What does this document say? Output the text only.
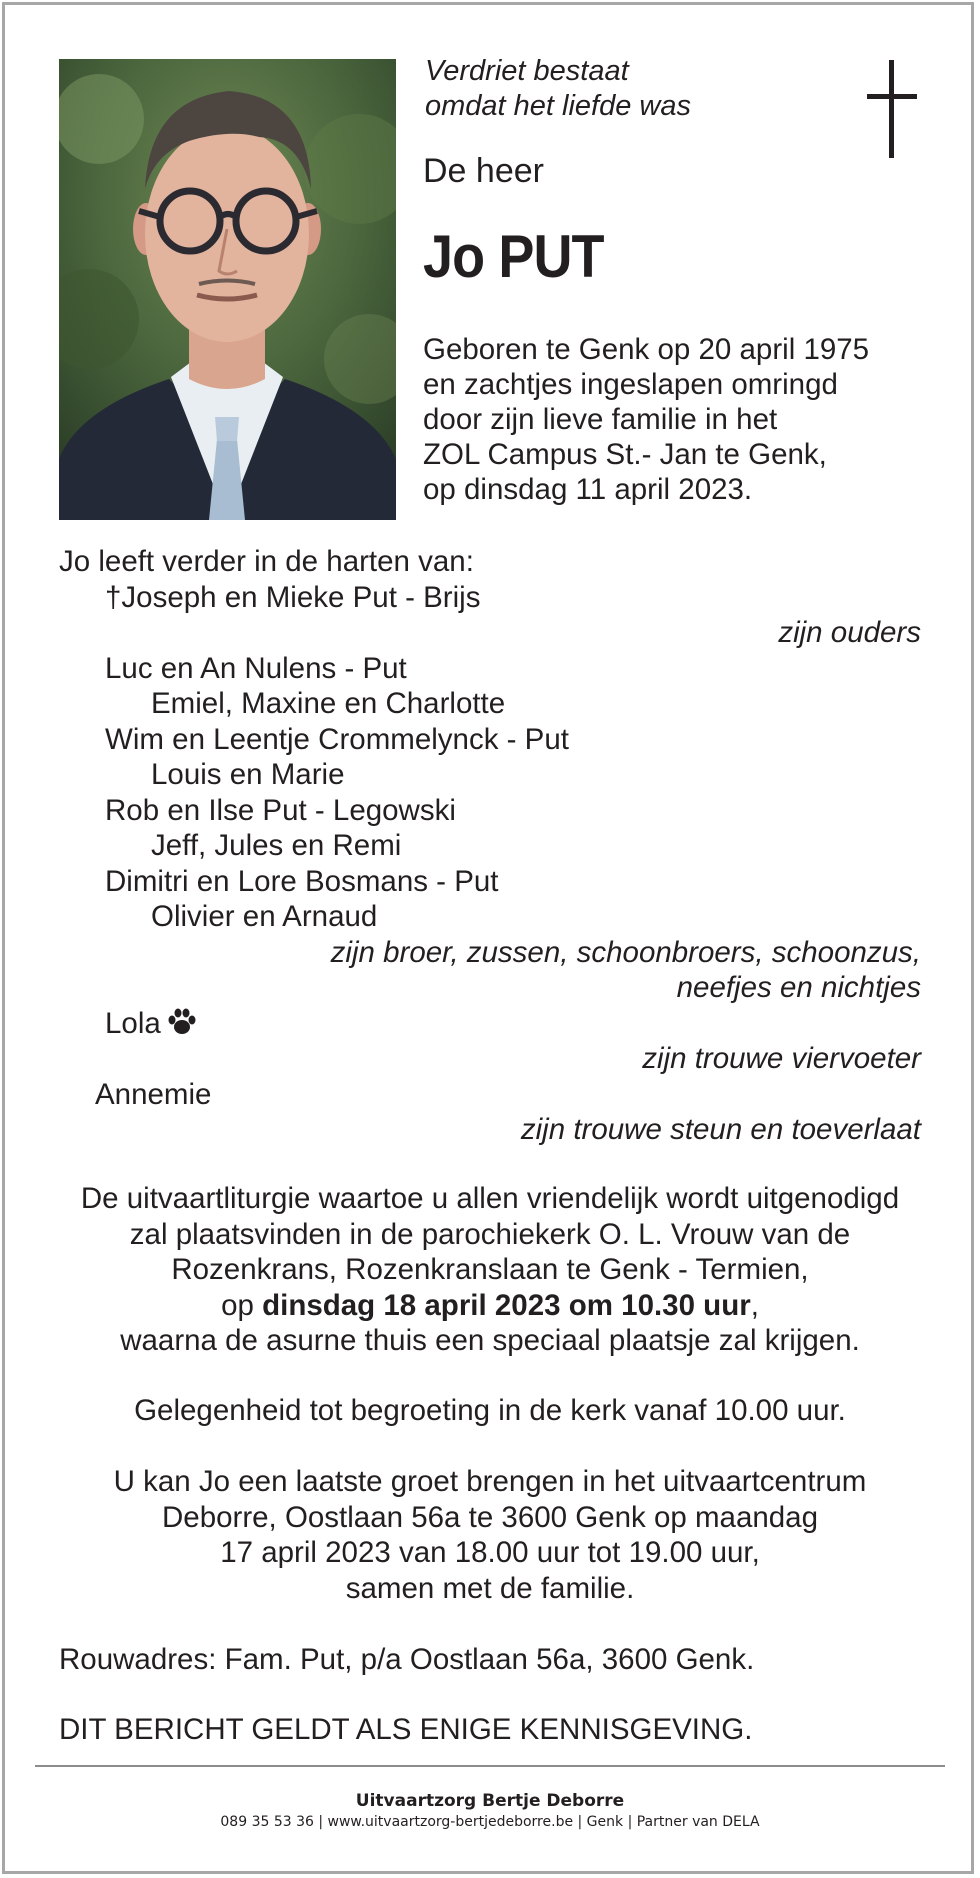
Verdriet bestaat
omdat het liefde was
De heer
Jo PUT
Geboren te Genk op 20 april 1975
en zachtjes ingeslapen omringd
door zijn lieve familie in het
ZOL Campus St.- Jan te Genk,
op dinsdag 11 april 2023.
Jo leeft verder in de harten van:
†Joseph en Mieke Put - Brijs
zijn ouders
Luc en An Nulens - Put
Emiel, Maxine en Charlotte
Wim en Leentje Crommelynck - Put
Louis en Marie
Rob en Ilse Put - Legowski
Jeff, Jules en Remi
Dimitri en Lore Bosmans - Put
Olivier en Arnaud
zijn broer, zussen, schoonbroers, schoonzus,
neefjes en nichtjes
Lola
zijn trouwe viervoeter
Annemie
zijn trouwe steun en toeverlaat
De uitvaartliturgie waartoe u allen vriendelijk wordt uitgenodigd
zal plaatsvinden in de parochiekerk O. L. Vrouw van de
Rozenkrans, Rozenkranslaan te Genk - Termien,
op dinsdag 18 april 2023 om 10.30 uur,
waarna de asurne thuis een speciaal plaatsje zal krijgen.
Gelegenheid tot begroeting in de kerk vanaf 10.00 uur.
U kan Jo een laatste groet brengen in het uitvaartcentrum
Deborre, Oostlaan 56a te 3600 Genk op maandag
17 april 2023 van 18.00 uur tot 19.00 uur,
samen met de familie.
Rouwadres: Fam. Put, p/a Oostlaan 56a, 3600 Genk.
DIT BERICHT GELDT ALS ENIGE KENNISGEVING.
Uitvaartzorg Bertje Deborre
089 35 53 36 | www.uitvaartzorg-bertjedeborre.be | Genk | Partner van DELA
